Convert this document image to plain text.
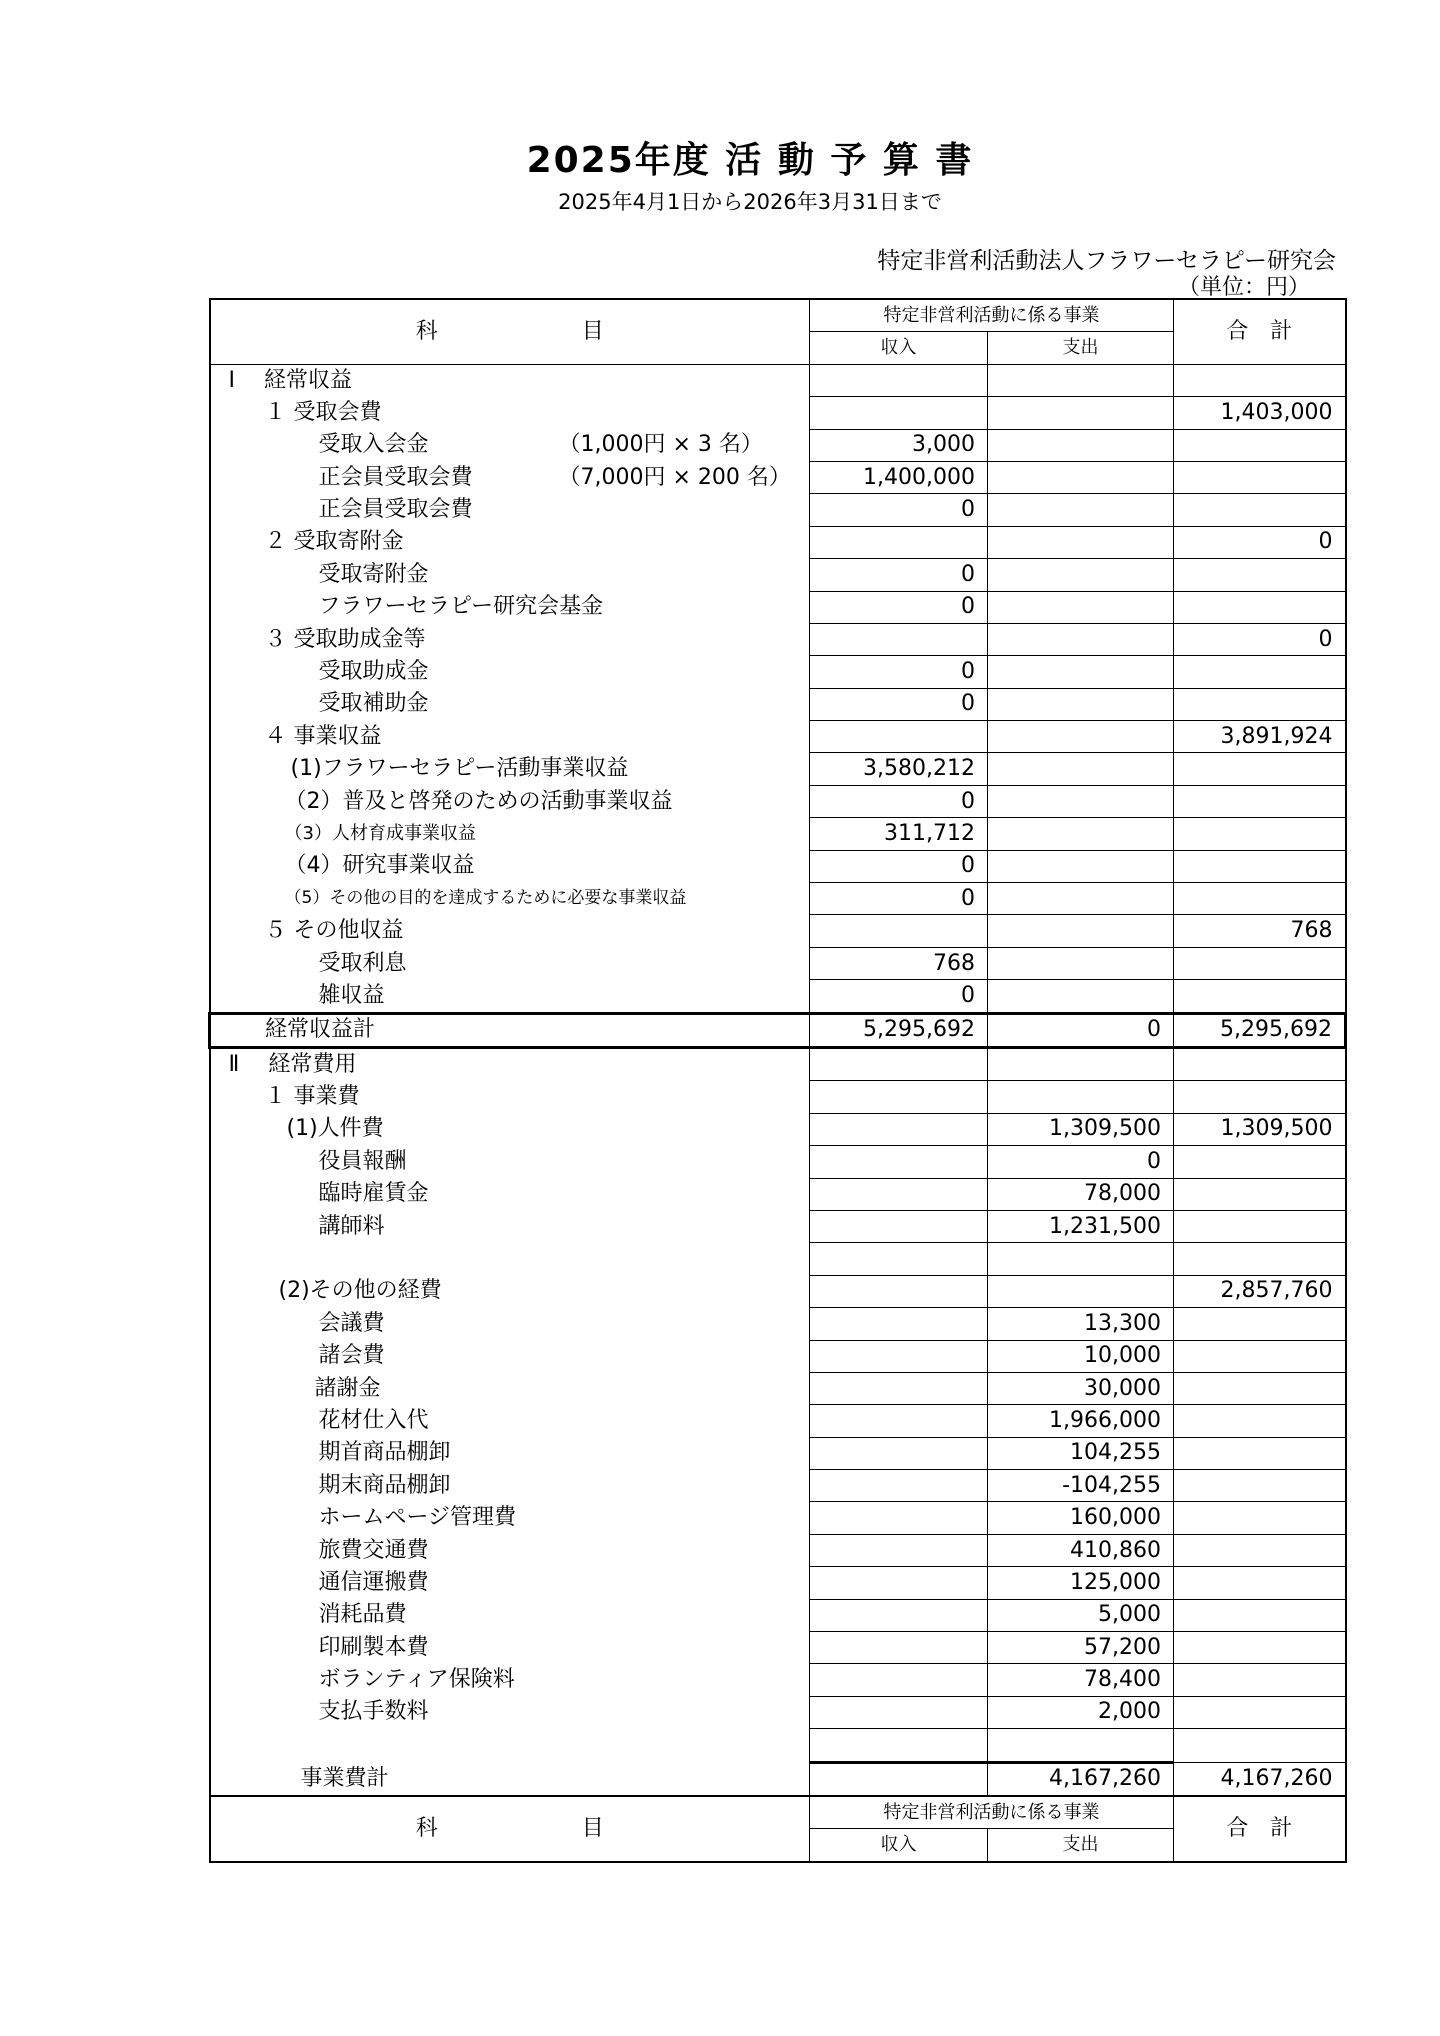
2025年度 活 動 予 算 書
2025年4月1日から2026年3月31日まで
特定非営利活動法人フラワーセラピー研究会
（単位：円）
科 目	特定非営利活動に係る事業		合　計
	収入	支出	
Ⅰ　 経常収益			
１ 受取会費			1,403,000
受取入会金 （1,000円 × 3 名）	3,000		
正会員受取会費 （7,000円 × 200 名）	1,400,000		
正会員受取会費	0		
２ 受取寄附金			0
受取寄附金	0		
フラワーセラピー研究会基金	0		
３ 受取助成金等			0
受取助成金	0		
受取補助金	0		
４ 事業収益			3,891,924
(1)フラワーセラピー活動事業収益	3,580,212		
（2）普及と啓発のための活動事業収益	0		
（3）人材育成事業収益	311,712		
（4）研究事業収益	0		
（5）その他の目的を達成するために必要な事業収益	0		
５ その他収益			768
受取利息	768		
雑収益	0		
経常収益計	5,295,692	0	5,295,692
Ⅱ　 経常費用			
１ 事業費			
(1)人件費		1,309,500	1,309,500
役員報酬		0	
臨時雇賃金		78,000	
講師料		1,231,500	

(2)その他の経費			2,857,760
会議費		13,300	
諸会費		10,000	
諸謝金		30,000	
花材仕入代		1,966,000	
期首商品棚卸		104,255	
期末商品棚卸		-104,255	
ホームページ管理費		160,000	
旅費交通費		410,860	
通信運搬費		125,000	
消耗品費		5,000	
印刷製本費		57,200	
ボランティア保険料		78,400	
支払手数料		2,000	

事業費計		4,167,260	4,167,260
科 目	特定非営利活動に係る事業		合　計
	収入	支出	
